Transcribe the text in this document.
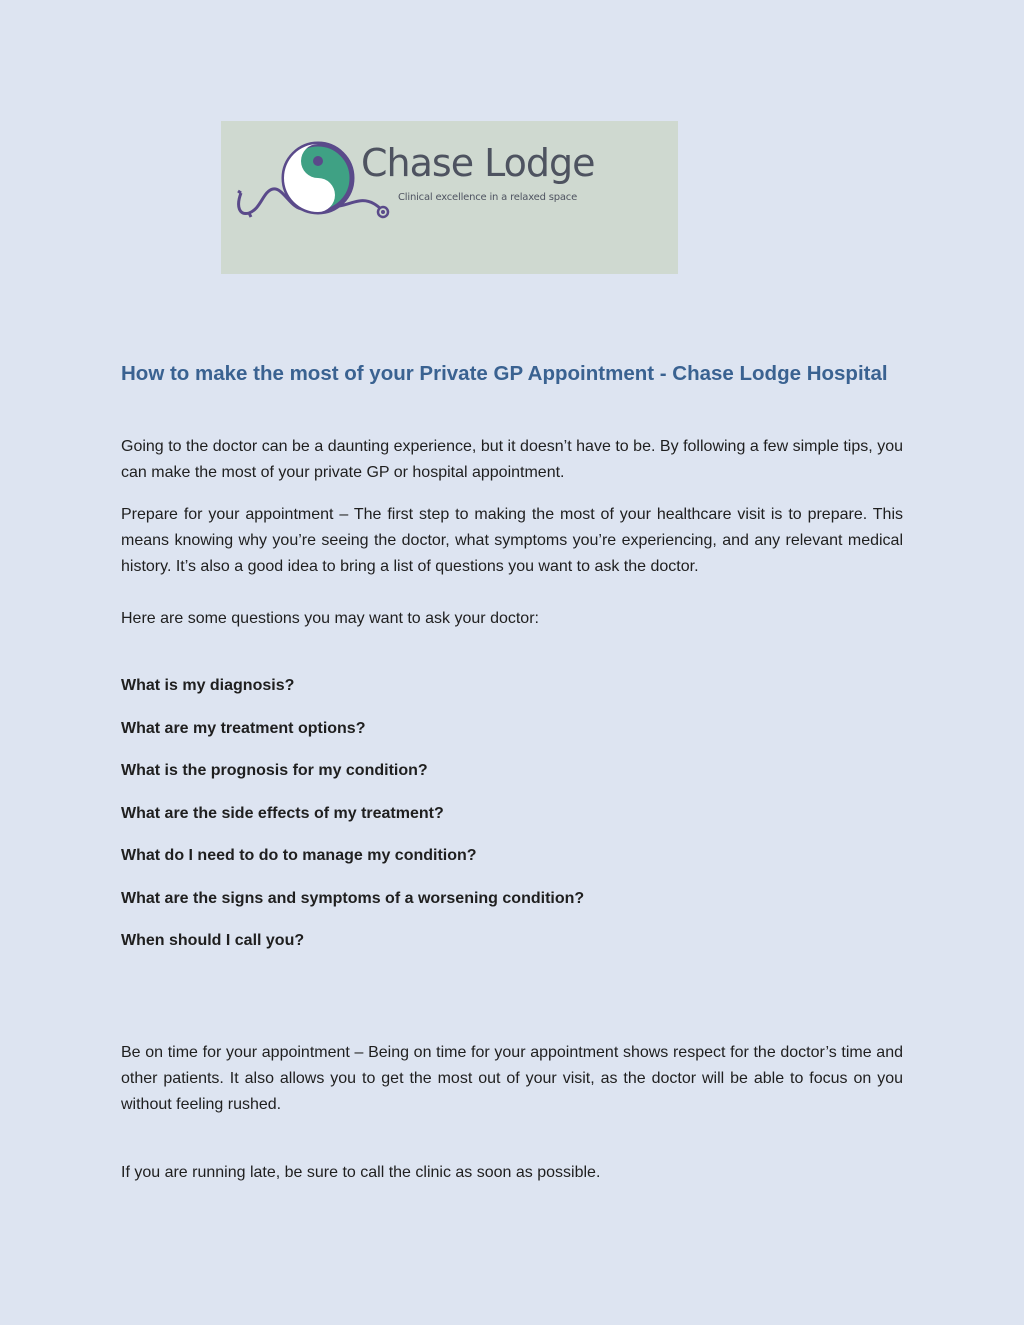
Chase Lodge
Clinical excellence in a relaxed space
How to make the most of your Private GP Appointment - Chase Lodge Hospital

Going to the doctor can be a daunting experience, but it doesn’t have to be. By following a few simple tips, you can make the most of your private GP or hospital appointment.

Prepare for your appointment – The first step to making the most of your healthcare visit is to prepare. This means knowing why you’re seeing the doctor, what symptoms you’re experiencing, and any relevant medical history. It’s also a good idea to bring a list of questions you want to ask the doctor.

Here are some questions you may want to ask your doctor:

What is my diagnosis?
What are my treatment options?
What is the prognosis for my condition?
What are the side effects of my treatment?
What do I need to do to manage my condition?
What are the signs and symptoms of a worsening condition?
When should I call you?

Be on time for your appointment – Being on time for your appointment shows respect for the doctor’s time and other patients. It also allows you to get the most out of your visit, as the doctor will be able to focus on you without feeling rushed.

If you are running late, be sure to call the clinic as soon as possible.
